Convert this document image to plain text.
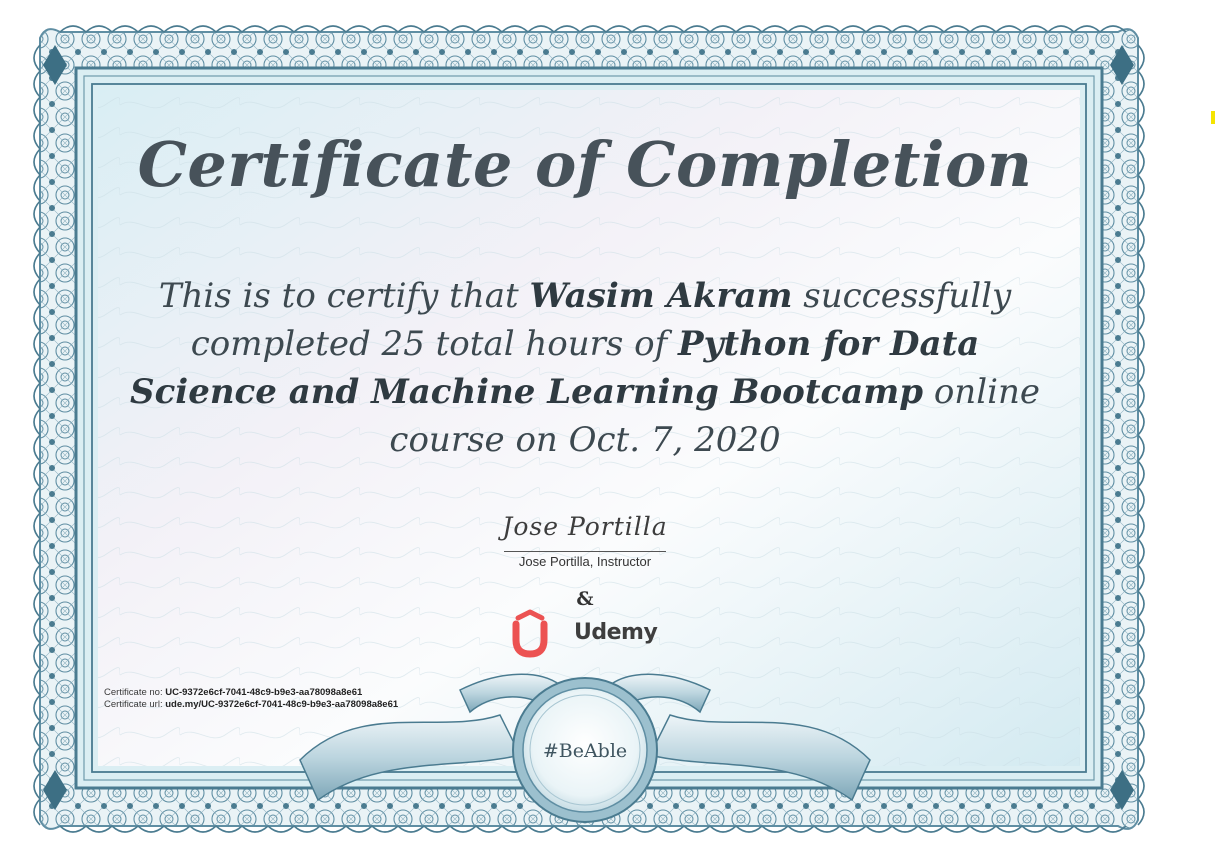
Certificate of Completion
This is to certify that Wasim Akram successfully completed 25 total hours of Python for Data Science and Machine Learning Bootcamp online course on Oct. 7, 2020
Jose Portilla
Jose Portilla, Instructor
&
Udemy
Certificate no: UC-9372e6cf-7041-48c9-b9e3-aa78098a8e61
Certificate url: ude.my/UC-9372e6cf-7041-48c9-b9e3-aa78098a8e61
#BeAble
